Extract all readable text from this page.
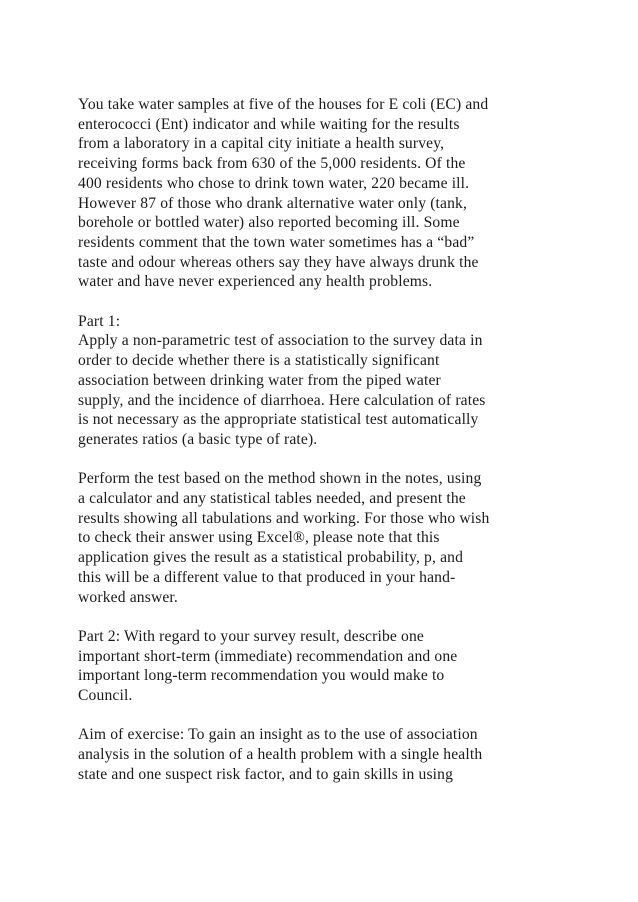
You take water samples at five of the houses for E coli (EC) and
enterococci (Ent) indicator and while waiting for the results
from a laboratory in a capital city initiate a health survey,
receiving forms back from 630 of the 5,000 residents. Of the
400 residents who chose to drink town water, 220 became ill.
However 87 of those who drank alternative water only (tank,
borehole or bottled water) also reported becoming ill. Some
residents comment that the town water sometimes has a “bad”
taste and odour whereas others say they have always drunk the
water and have never experienced any health problems.

Part 1:
Apply a non-parametric test of association to the survey data in
order to decide whether there is a statistically significant
association between drinking water from the piped water
supply, and the incidence of diarrhoea. Here calculation of rates
is not necessary as the appropriate statistical test automatically
generates ratios (a basic type of rate).

Perform the test based on the method shown in the notes, using
a calculator and any statistical tables needed, and present the
results showing all tabulations and working. For those who wish
to check their answer using Excel®, please note that this
application gives the result as a statistical probability, p, and
this will be a different value to that produced in your hand-
worked answer.

Part 2: With regard to your survey result, describe one
important short-term (immediate) recommendation and one
important long-term recommendation you would make to
Council.

Aim of exercise: To gain an insight as to the use of association
analysis in the solution of a health problem with a single health
state and one suspect risk factor, and to gain skills in using
